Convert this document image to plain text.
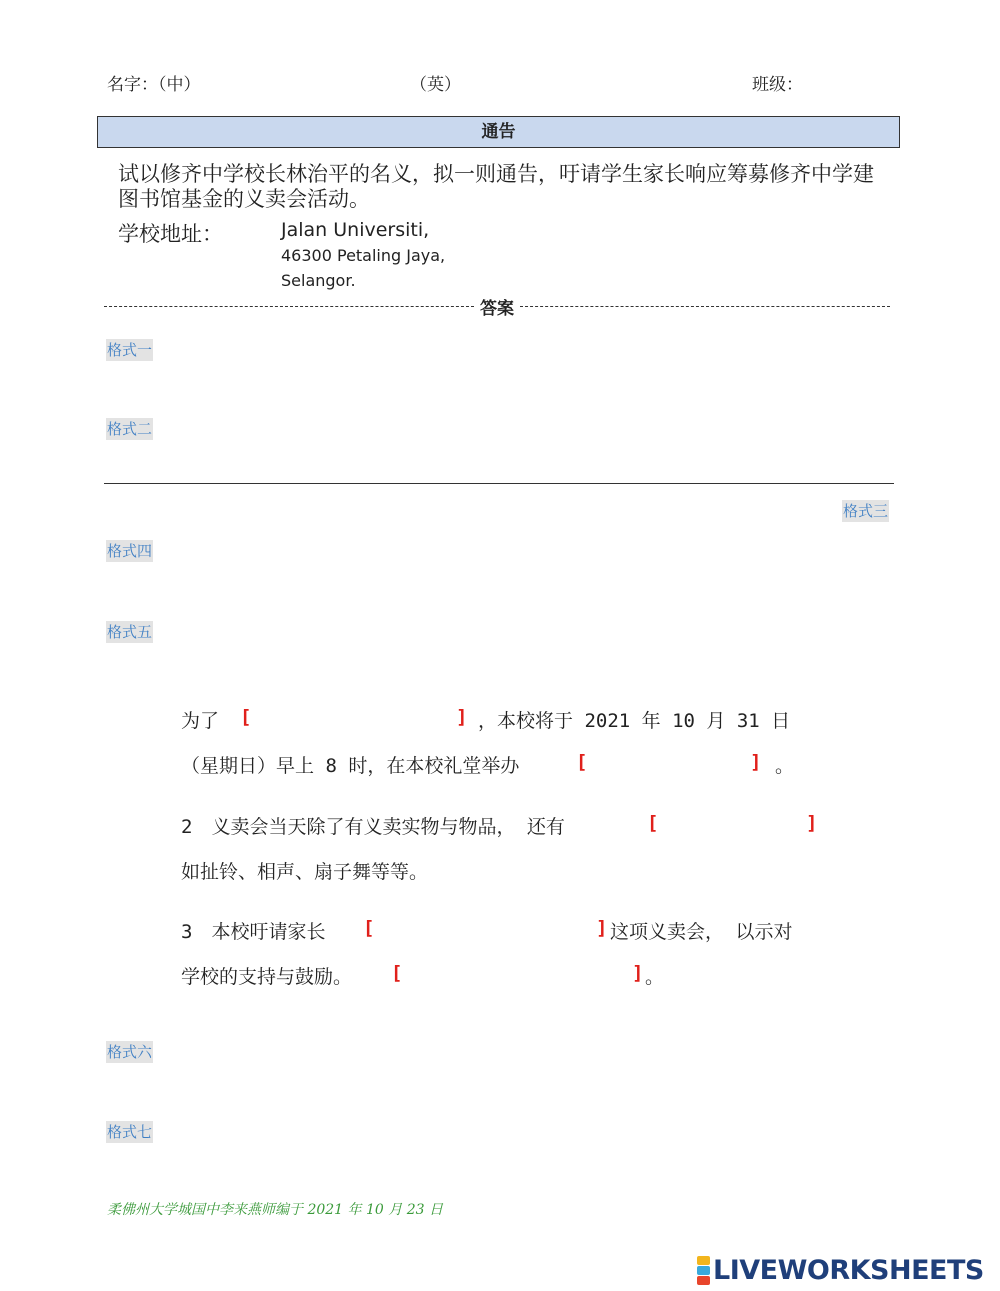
名字：（中）	（英）	班级：
通告
试以修齐中学校长林治平的名义，拟一则通告，吁请学生家长响应筹募修齐中学建图书馆基金的义卖会活动。
学校地址：	Jalan Universiti,
46300 Petaling Jaya,
Selangor.
答案
格式一
格式二
格式三
格式四
格式五
为了 [	] ，本校将于 2021 年 10 月 31 日
（星期日）早上 8 时，在本校礼堂举办	[	] 。
2　义卖会当天除了有义卖实物与物品， 还有	[	]
如扯铃、相声、扇子舞等等。
3　本校吁请家长 [	] 这项义卖会， 以示对
学校的支持与鼓励。 [	] 。
格式六
格式七
柔佛州大学城国中李来燕师编于 2021 年 10 月 23 日
LIVEWORKSHEETS
